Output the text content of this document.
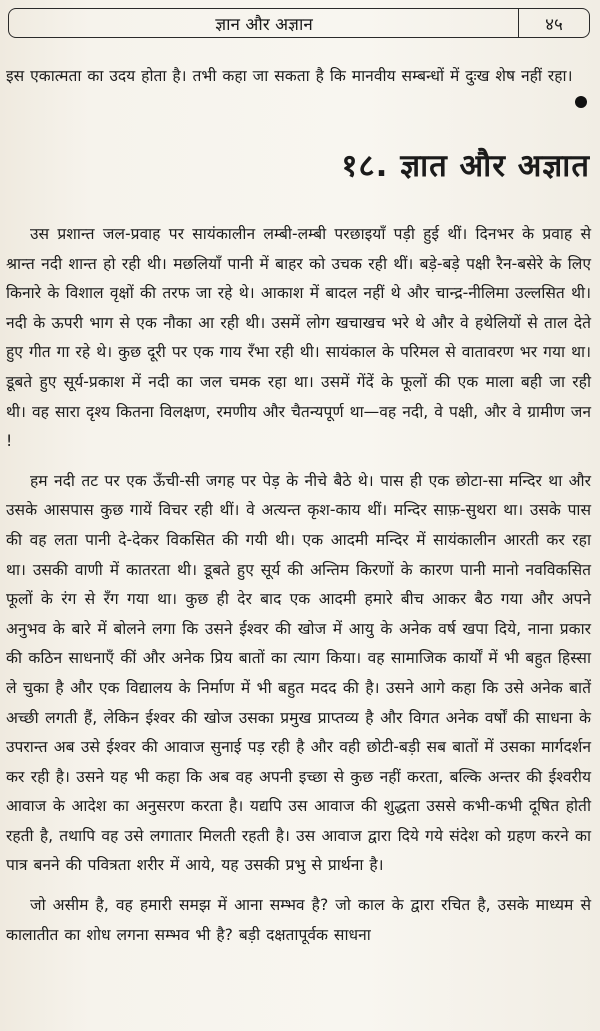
ज्ञान और अज्ञान	४५

इस एकात्मता का उदय होता है। तभी कहा जा सकता है कि मानवीय सम्बन्धों में दुःख शेष नहीं रहा।

१८. ज्ञात और अज्ञात

उस प्रशान्त जल-प्रवाह पर सायंकालीन लम्बी-लम्बी परछाइयाँ पड़ी हुई थीं। दिनभर के प्रवाह से श्रान्त नदी शान्त हो रही थी। मछलियाँ पानी में बाहर को उचक रही थीं। बड़े-बड़े पक्षी रैन-बसेरे के लिए किनारे के विशाल वृक्षों की तरफ जा रहे थे। आकाश में बादल नहीं थे और चान्द्र-नीलिमा उल्लसित थी। नदी के ऊपरी भाग से एक नौका आ रही थी। उसमें लोग खचाखच भरे थे और वे हथेलियों से ताल देते हुए गीत गा रहे थे। कुछ दूरी पर एक गाय रँभा रही थी। सायंकाल के परिमल से वातावरण भर गया था। डूबते हुए सूर्य-प्रकाश में नदी का जल चमक रहा था। उसमें गेंदें के फूलों की एक माला बही जा रही थी। वह सारा दृश्य कितना विलक्षण, रमणीय और चैतन्यपूर्ण था—वह नदी, वे पक्षी, और वे ग्रामीण जन !

हम नदी तट पर एक ऊँची-सी जगह पर पेड़ के नीचे बैठे थे। पास ही एक छोटा-सा मन्दिर था और उसके आसपास कुछ गायें विचर रही थीं। वे अत्यन्त कृश-काय थीं। मन्दिर साफ़-सुथरा था। उसके पास की वह लता पानी दे-देकर विकसित की गयी थी। एक आदमी मन्दिर में सायंकालीन आरती कर रहा था। उसकी वाणी में कातरता थी। डूबते हुए सूर्य की अन्तिम किरणों के कारण पानी मानो नवविकसित फूलों के रंग से रँग गया था। कुछ ही देर बाद एक आदमी हमारे बीच आकर बैठ गया और अपने अनुभव के बारे में बोलने लगा कि उसने ईश्वर की खोज में आयु के अनेक वर्ष खपा दिये, नाना प्रकार की कठिन साधनाएँ कीं और अनेक प्रिय बातों का त्याग किया। वह सामाजिक कार्यों में भी बहुत हिस्सा ले चुका है और एक विद्यालय के निर्माण में भी बहुत मदद की है। उसने आगे कहा कि उसे अनेक बातें अच्छी लगती हैं, लेकिन ईश्वर की खोज उसका प्रमुख प्राप्तव्य है और विगत अनेक वर्षों की साधना के उपरान्त अब उसे ईश्वर की आवाज सुनाई पड़ रही है और वही छोटी-बड़ी सब बातों में उसका मार्गदर्शन कर रही है। उसने यह भी कहा कि अब वह अपनी इच्छा से कुछ नहीं करता, बल्कि अन्तर की ईश्वरीय आवाज के आदेश का अनुसरण करता है। यद्यपि उस आवाज की शुद्धता उससे कभी-कभी दूषित होती रहती है, तथापि वह उसे लगातार मिलती रहती है। उस आवाज द्वारा दिये गये संदेश को ग्रहण करने का पात्र बनने की पवित्रता शरीर में आये, यह उसकी प्रभु से प्रार्थना है।

जो असीम है, वह हमारी समझ में आना सम्भव है? जो काल के द्वारा रचित है, उसके माध्यम से कालातीत का शोध लगना सम्भव भी है? बड़ी दक्षतापूर्वक साधना
